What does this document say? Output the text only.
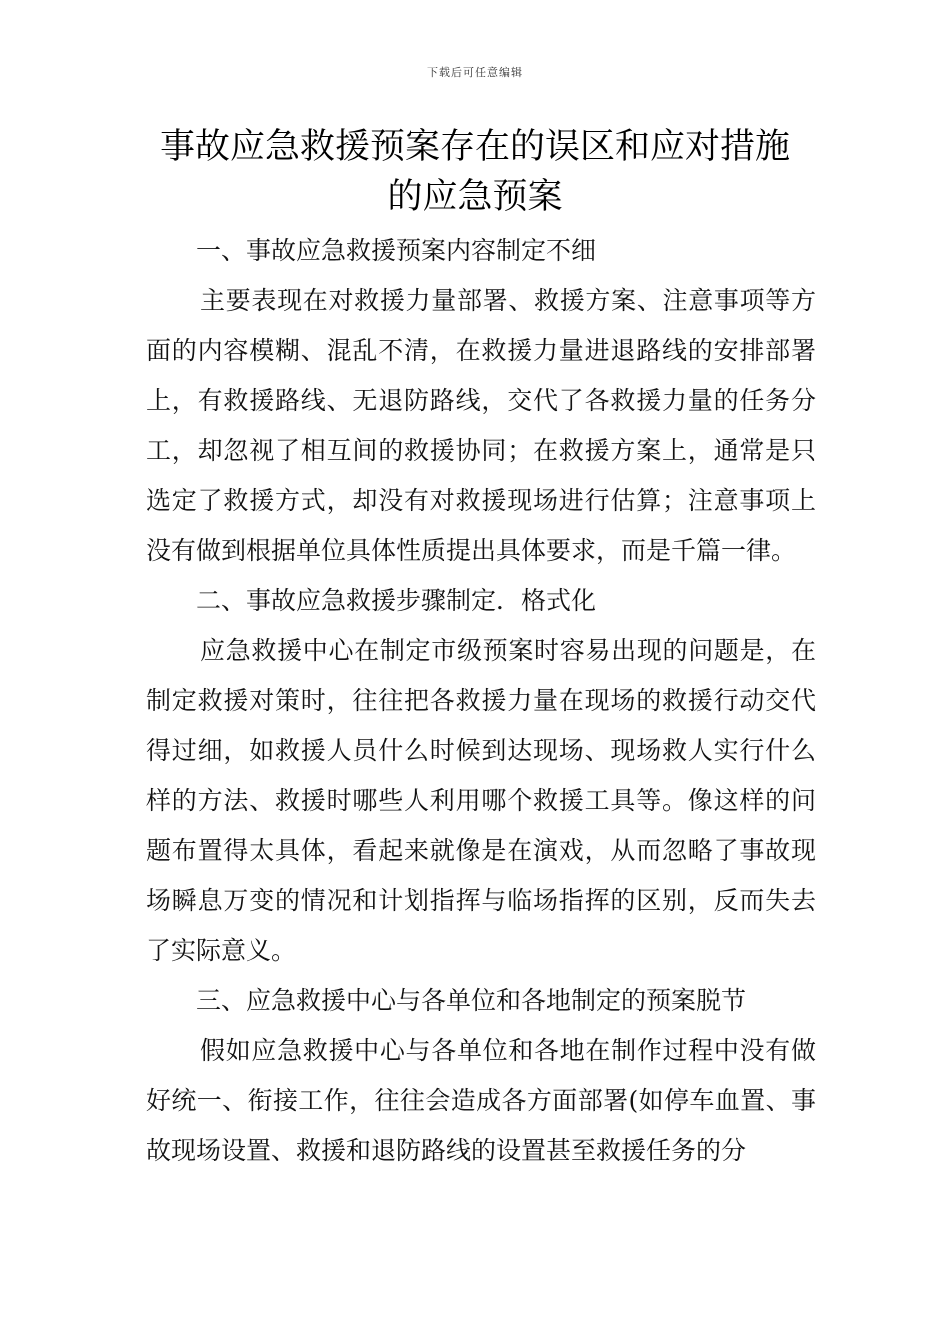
下载后可任意编辑
事故应急救援预案存在的误区和应对措施
的应急预案

一、事故应急救援预案内容制定不细

主要表现在对救援力量部署、救援方案、注意事项等方面的内容模糊、混乱不清，在救援力量进退路线的安排部署上，有救援路线、无退防路线，交代了各救援力量的任务分工，却忽视了相互间的救援协同；在救援方案上，通常是只选定了救援方式，却没有对救援现场进行估算；注意事项上没有做到根据单位具体性质提出具体要求，而是千篇一律。

二、事故应急救援步骤制定．格式化

应急救援中心在制定市级预案时容易出现的问题是，在制定救援对策时，往往把各救援力量在现场的救援行动交代得过细，如救援人员什么时候到达现场、现场救人实行什么样的方法、救援时哪些人利用哪个救援工具等。像这样的问题布置得太具体，看起来就像是在演戏，从而忽略了事故现场瞬息万变的情况和计划指挥与临场指挥的区别，反而失去了实际意义。

三、应急救援中心与各单位和各地制定的预案脱节

假如应急救援中心与各单位和各地在制作过程中没有做好统一、衔接工作，往往会造成各方面部署(如停车血置、事故现场设置、救援和退防路线的设置甚至救援任务的分
